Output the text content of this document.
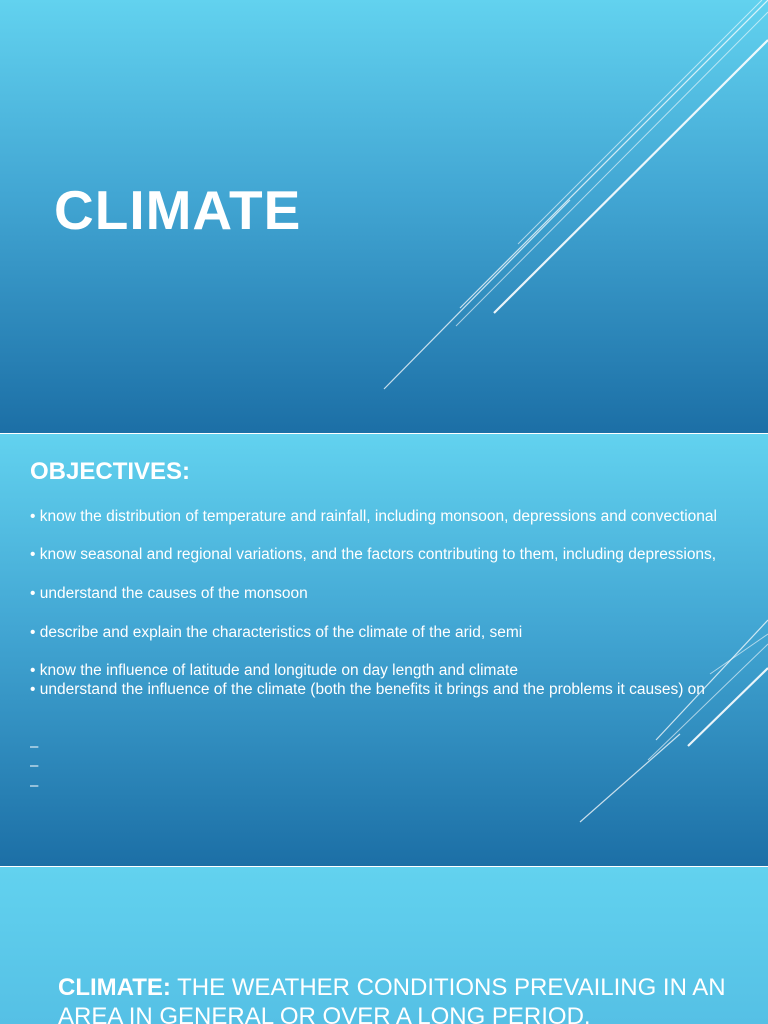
CLIMATE
OBJECTIVES:
• know the distribution of temperature and rainfall, including monsoon, depressions and convectional
• know seasonal and regional variations, and the factors contributing to them, including depressions,
• understand the causes of the monsoon
• describe and explain the characteristics of the climate of the arid, semi
• know the influence of latitude and longitude on day length and climate
• understand the influence of the climate (both the benefits it brings and the problems it causes) on
–
–
–

CLIMATE: THE WEATHER CONDITIONS PREVAILING IN AN AREA IN GENERAL OR OVER A LONG PERIOD.
